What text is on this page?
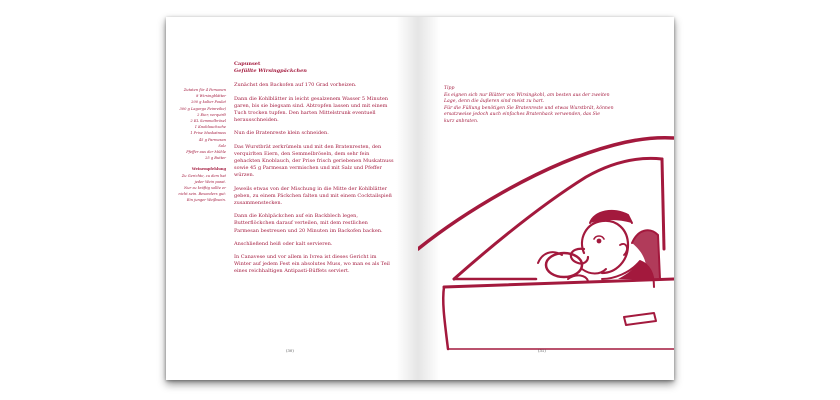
Zutaten für 4 Personen
8 Wirsingblätter
200 g kalter Poulet
300 g Lagorgo Feinreibe)
2 Eier, verquirlt
2 EL Semmelbrösel
1 Knoblauchzehe
1 Prise Muskatnuss
45 g Parmesan
Salz
Pfeffer aus der Mühle
25 g Butter
Weinempfehlung
Zu Gerichte, zu dem hat
jeder Wein passt.
Nur zu kräftig sollte er
nicht sein. Besonders gut:
Ein junger Weißwein.
Capunset
Gefüllte Wirsingpäckchen

Zunächst den Backofen auf 170 Grad vorheizen.

Dann die Kohlblätter in leicht gesalzenem Wasser 5 Minuten garen, bis sie biegsam sind. Abtropfen lassen und mit einem Tuch trocken tupfen. Den harten Mittelstrunk eventuell herausschneiden.

Nun die Bratenreste klein schneiden.

Das Wurstbrät zerkrümeln und mit den Bratenresten, den verquirlten Eiern, den Semmelbröseln, dem sehr fein gehackten Knoblauch, der Prise frisch geriebenen Muskatnuss sowie 45 g Parmesan vermischen und mit Salz und Pfeffer würzen.

Jeweils etwas von der Mischung in die Mitte der Kohlblätter geben, zu einem Päckchen falten und mit einem Cocktailspieß zusammenstecken.

Dann die Kohlpäckchen auf ein Backblech legen, Butterflöckchen darauf verteilen, mit dem restlichen Parmesan bestreuen und 20 Minuten im Backofen backen.

Anschließend heiß oder kalt servieren.

In Canavese und vor allem in Ivrea ist dieses Gericht im Winter auf jedem Fest ein absolutes Muss, wo man es als Teil eines reichhaltigen Antipasti-Büffets serviert.

(30)
Tipp
Es eignen sich nur Blätter von Wirsingkohl, am besten aus der zweiten
Lage, denn die äußeren sind meist zu hart.
Für die Füllung benötigen Sie Bratenreste und etwas Wurstbrät, können
ersatzweise jedoch auch einfaches Bratenhack verwenden, das Sie
kurz anbraten.
(31)
